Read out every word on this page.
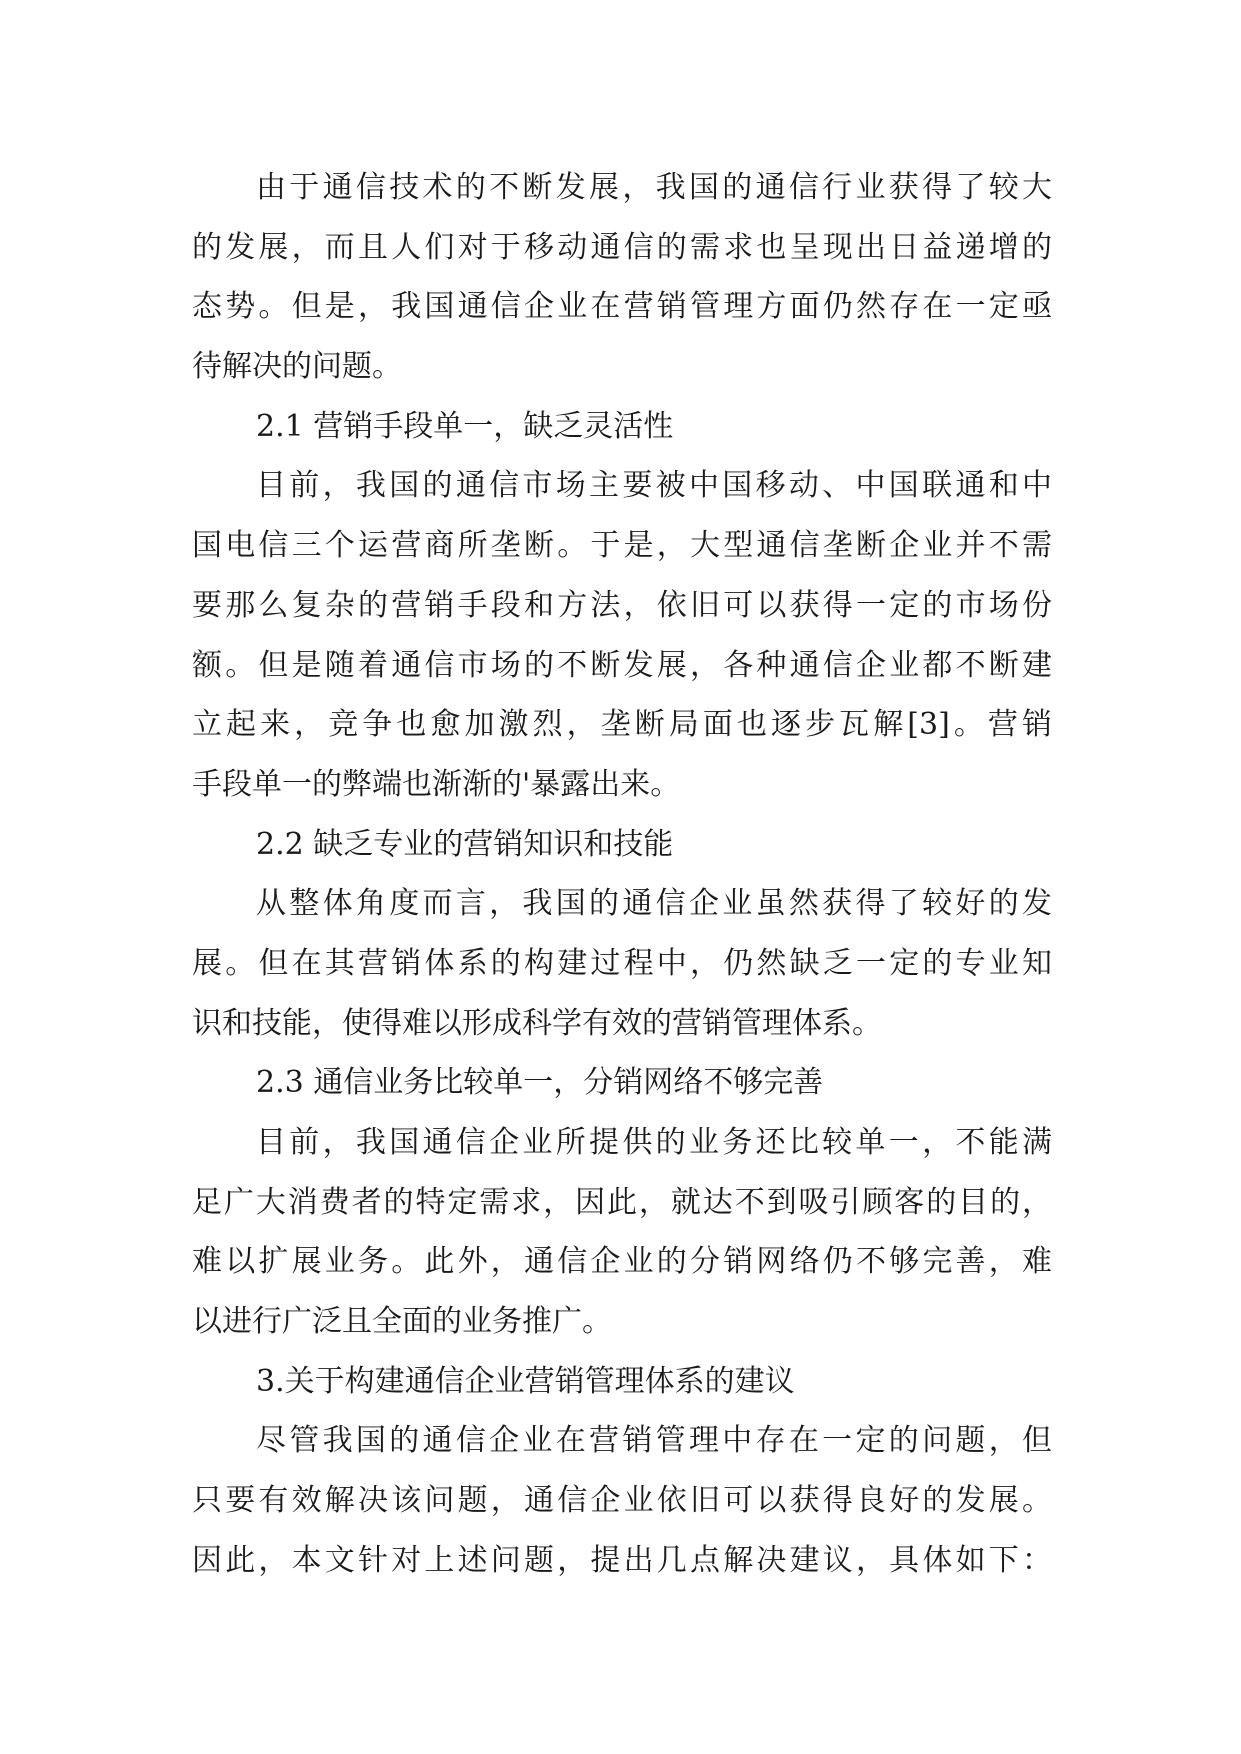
由于通信技术的不断发展，我国的通信行业获得了较大
的发展，而且人们对于移动通信的需求也呈现出日益递增的
态势。但是，我国通信企业在营销管理方面仍然存在一定亟
待解决的问题。
2.1 营销手段单一，缺乏灵活性
目前，我国的通信市场主要被中国移动、中国联通和中
国电信三个运营商所垄断。于是，大型通信垄断企业并不需
要那么复杂的营销手段和方法，依旧可以获得一定的市场份
额。但是随着通信市场的不断发展，各种通信企业都不断建
立起来，竞争也愈加激烈，垄断局面也逐步瓦解[3]。营销
手段单一的弊端也渐渐的'暴露出来。
2.2 缺乏专业的营销知识和技能
从整体角度而言，我国的通信企业虽然获得了较好的发
展。但在其营销体系的构建过程中，仍然缺乏一定的专业知
识和技能，使得难以形成科学有效的营销管理体系。
2.3 通信业务比较单一，分销网络不够完善
目前，我国通信企业所提供的业务还比较单一，不能满
足广大消费者的特定需求，因此，就达不到吸引顾客的目的，
难以扩展业务。此外，通信企业的分销网络仍不够完善，难
以进行广泛且全面的业务推广。
3.关于构建通信企业营销管理体系的建议
尽管我国的通信企业在营销管理中存在一定的问题，但
只要有效解决该问题，通信企业依旧可以获得良好的发展。
因此，本文针对上述问题，提出几点解决建议，具体如下：
